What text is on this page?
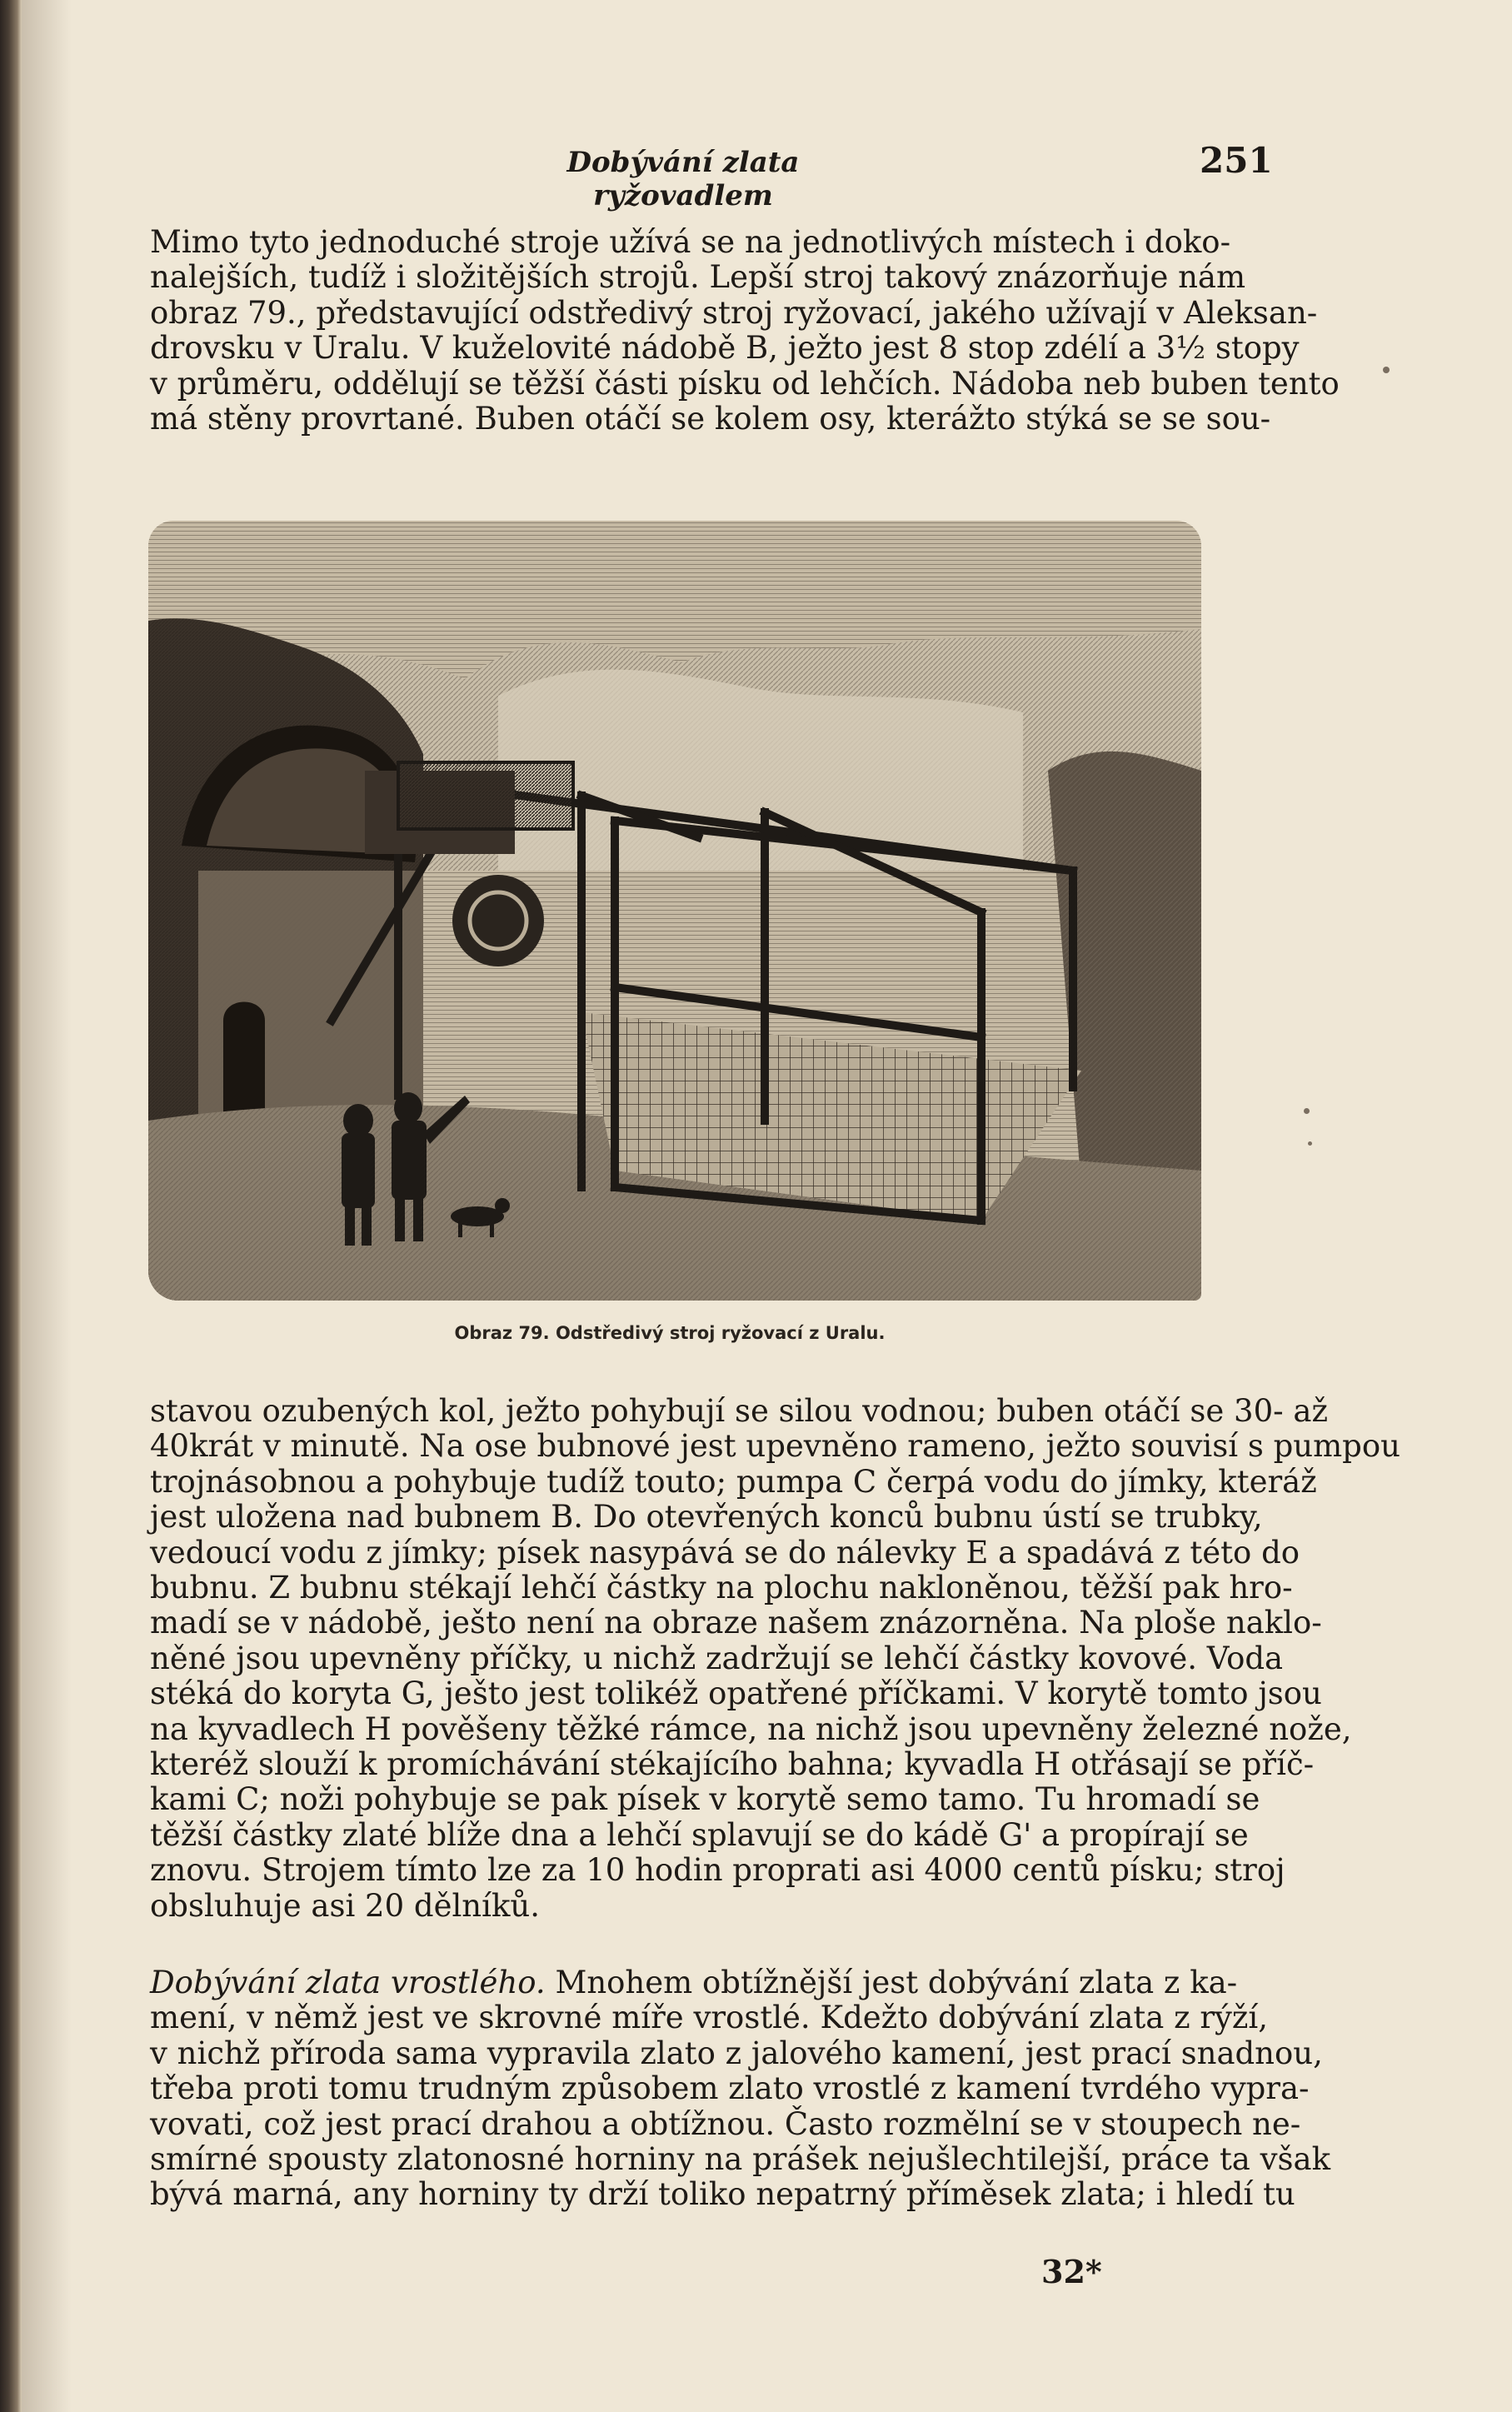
Dobývání zlata ryžovadlem
251
Mimo tyto jednoduché stroje užívá se na jednotlivých místech i doko-
nalejších, tudíž i složitějších strojů. Lepší stroj takový znázorňuje nám
obraz 79., představující odstředivý stroj ryžovací, jakého užívají v Aleksan-
drovsku v Uralu. V kuželovité nádobě B, ježto jest 8 stop zdélí a 3½ stopy
v průměru, oddělují se těžší části písku od lehčích. Nádoba neb buben tento
má stěny provrtané. Buben otáčí se kolem osy, kterážto stýká se se sou-
Obraz 79. Odstředivý stroj ryžovací z Uralu.
stavou ozubených kol, ježto pohybují se silou vodnou; buben otáčí se 30- až
40krát v minutě. Na ose bubnové jest upevněno rameno, ježto souvisí s pumpou
trojnásobnou a pohybuje tudíž touto; pumpa C čerpá vodu do jímky, kteráž
jest uložena nad bubnem B. Do otevřených konců bubnu ústí se trubky,
vedoucí vodu z jímky; písek nasypává se do nálevky E a spadává z této do
bubnu. Z bubnu stékají lehčí částky na plochu nakloněnou, těžší pak hro-
madí se v nádobě, ješto není na obraze našem znázorněna. Na ploše naklo-
něné jsou upevněny příčky, u nichž zadržují se lehčí částky kovové. Voda
stéká do koryta G, ješto jest tolikéž opatřené příčkami. V korytě tomto jsou
na kyvadlech H pověšeny těžké rámce, na nichž jsou upevněny železné nože,
kteréž slouží k promíchávání stékajícího bahna; kyvadla H otřásají se příč-
kami C; noži pohybuje se pak písek v korytě semo tamo. Tu hromadí se
těžší částky zlaté blíže dna a lehčí splavují se do kádě G' a propírají se
znovu. Strojem tímto lze za 10 hodin proprati asi 4000 centů písku; stroj
obsluhuje asi 20 dělníků.
Dobývání zlata vrostlého. Mnohem obtížnější jest dobývání zlata z ka-
mení, v němž jest ve skrovné míře vrostlé. Kdežto dobývání zlata z rýží,
v nichž příroda sama vypravila zlato z jalového kamení, jest prací snadnou,
třeba proti tomu trudným způsobem zlato vrostlé z kamení tvrdého vypra-
vovati, což jest prací drahou a obtížnou. Často rozmělní se v stoupech ne-
smírné spousty zlatonosné horniny na prášek nejušlechtilejší, práce ta však
bývá marná, any horniny ty drží toliko nepatrný příměsek zlata; i hledí tu
32*
